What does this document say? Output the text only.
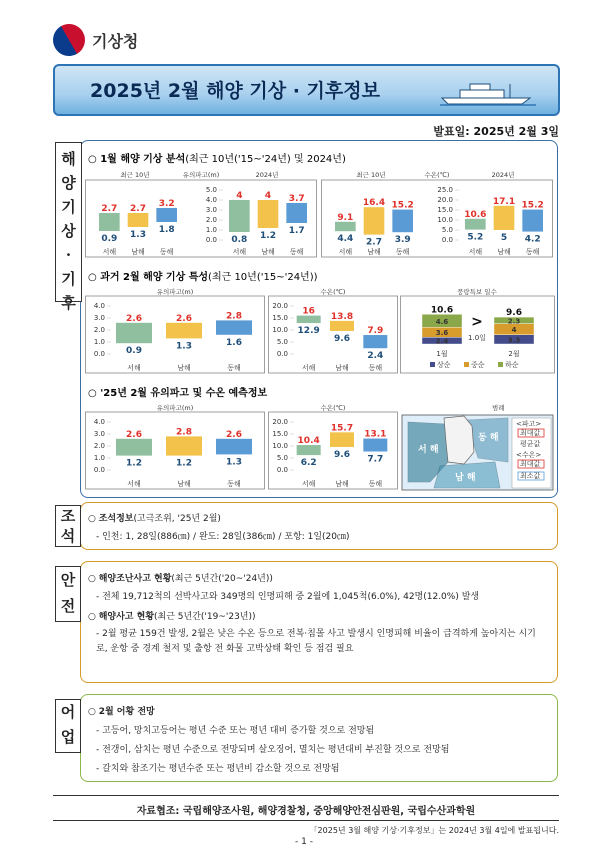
기상청
2025년 2월 해양 기상 · 기후정보
발표일: 2025년 2월 3일
해
양
기
상
·
기
후
○ 1월 해양 기상 분석(최근 10년('15~'24년) 및 2024년)
최근 10년	유의파고(m)	2024년
2.7
0.9
2.7
1.3
3.2
1.8
0.0
1.0
2.0
3.0
4.0
5.0
4
0.8
4
1.2
3.7
1.7
서해 남해 동해	서해 남해 동해
최근 10년	수온(℃)	2024년
9.1
4.4
16.4
2.7
15.2
3.9	0.0
5.0
10.0
15.0
20.0
25.0
10.6
5.2
17.1
5
15.2
4.2
서해 남해 동해	서해 남해 동해
○ 과거 2월 해양 기상 특성(최근 10년('15~'24년))
유의파고(m)
0.0
1.0
2.0
3.0
4.0
2.6
0.9
2.6
1.3
2.8
1.6
서해	남해	동해
수온(℃)
0.0
5.0
10.0
15.0
20.0
16
12.9
13.8
9.6
7.9
2.4
서해	남해	동해
풍랑특보 일수
2.4
3.6
4.6
10.6
1월
3.3
4
2.3
9.6
2월
>
1.0일
상순	중순	하순
○ '25년 2월 유의파고 및 수온 예측정보
유의파고(m)
0.0
1.0
2.0
3.0
4.0
2.6
1.2
2.8
1.2
2.6
1.3
서해	남해	동해
수온(℃)
0.0
5.0
10.0
15.0
20.0
10.4
6.2
15.7
9.6
13.1
7.7
서해	남해	동해
범례
서 해
남 해
동 해
<파고>
최대값
평균값
<수온>
최대값
최소값
조
석
○ 조석정보(고극조위, '25년 2월)
- 인천: 1, 28일(886㎝) / 완도: 28일(386㎝) / 포항: 1일(20㎝)
안
전
○ 해양조난사고 현황(최근 5년간('20~'24년))
- 전체 19,712척의 선박사고와 349명의 인명피해 중 2월에 1,045척(6.0%), 42명(12.0%) 발생
○ 해양사고 현황(최근 5년간('19~'23년))
- 2월 평균 159건 발생, 2월은 낮은 수온 등으로 전복·침몰 사고 발생시 인명피해 비율이 급격하게 높아지는 시기로, 운항 중 경계 철저 및 출항 전 화물 고박상태 확인 등 점검 필요
어
업
○ 2월 어황 전망
- 고등어, 망치고등어는 평년 수준 또는 평년 대비 증가할 것으로 전망됨
- 전갱이, 삼치는 평년 수준으로 전망되며 살오징어, 멸치는 평년대비 부진할 것으로 전망됨
- 갈치와 참조기는 평년수준 또는 평년비 감소할 것으로 전망됨
자료협조: 국립해양조사원, 해양경찰청, 중앙해양안전심판원, 국립수산과학원
「2025년 3월 해양 기상·기후정보」는 2024년 3월 4일에 발표됩니다.
- 1 -
